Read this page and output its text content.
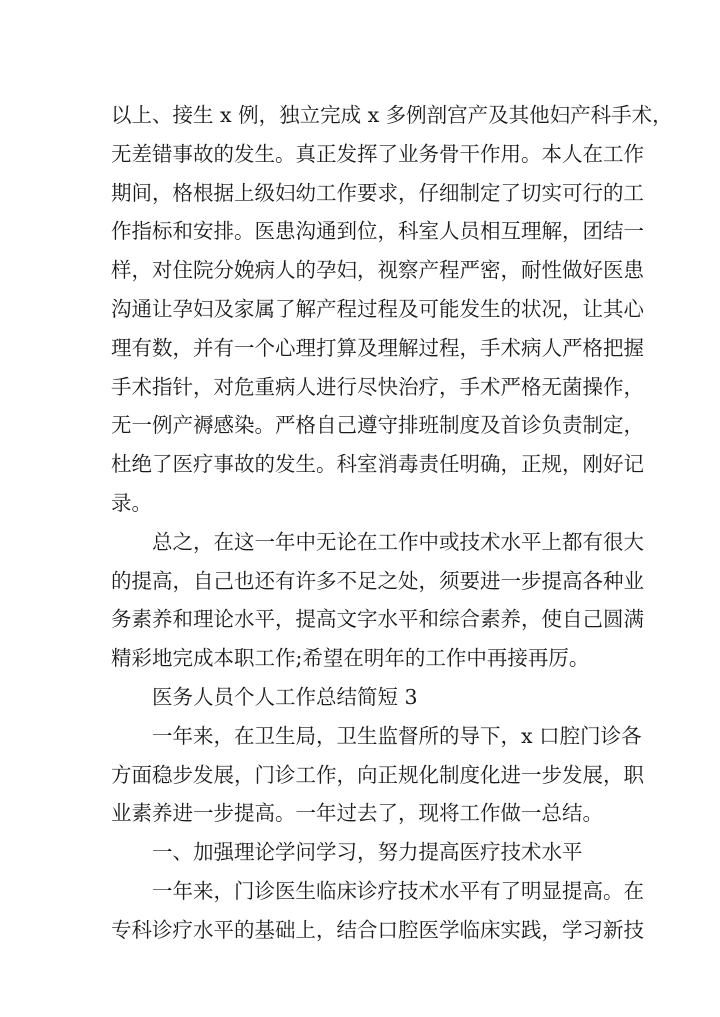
以上、接生 x 例，独立完成 x 多例剖宫产及其他妇产科手术，
无差错事故的发生。真正发挥了业务骨干作用。本人在工作
期间，格根据上级妇幼工作要求，仔细制定了切实可行的工
作指标和安排。医患沟通到位，科室人员相互理解，团结一
样，对住院分娩病人的孕妇，视察产程严密，耐性做好医患
沟通让孕妇及家属了解产程过程及可能发生的状况，让其心
理有数，并有一个心理打算及理解过程，手术病人严格把握
手术指针，对危重病人进行尽快治疗，手术严格无菌操作，
无一例产褥感染。严格自己遵守排班制度及首诊负责制定，
杜绝了医疗事故的发生。科室消毒责任明确，正规，刚好记
录。
总之，在这一年中无论在工作中或技术水平上都有很大
的提高，自己也还有许多不足之处，须要进一步提高各种业
务素养和理论水平，提高文字水平和综合素养，使自己圆满
精彩地完成本职工作;希望在明年的工作中再接再厉。
医务人员个人工作总结简短 3
一年来，在卫生局，卫生监督所的导下，x 口腔门诊各
方面稳步发展，门诊工作，向正规化制度化进一步发展，职
业素养进一步提高。一年过去了，现将工作做一总结。
一、加强理论学问学习，努力提高医疗技术水平
一年来，门诊医生临床诊疗技术水平有了明显提高。在
专科诊疗水平的基础上，结合口腔医学临床实践，学习新技
